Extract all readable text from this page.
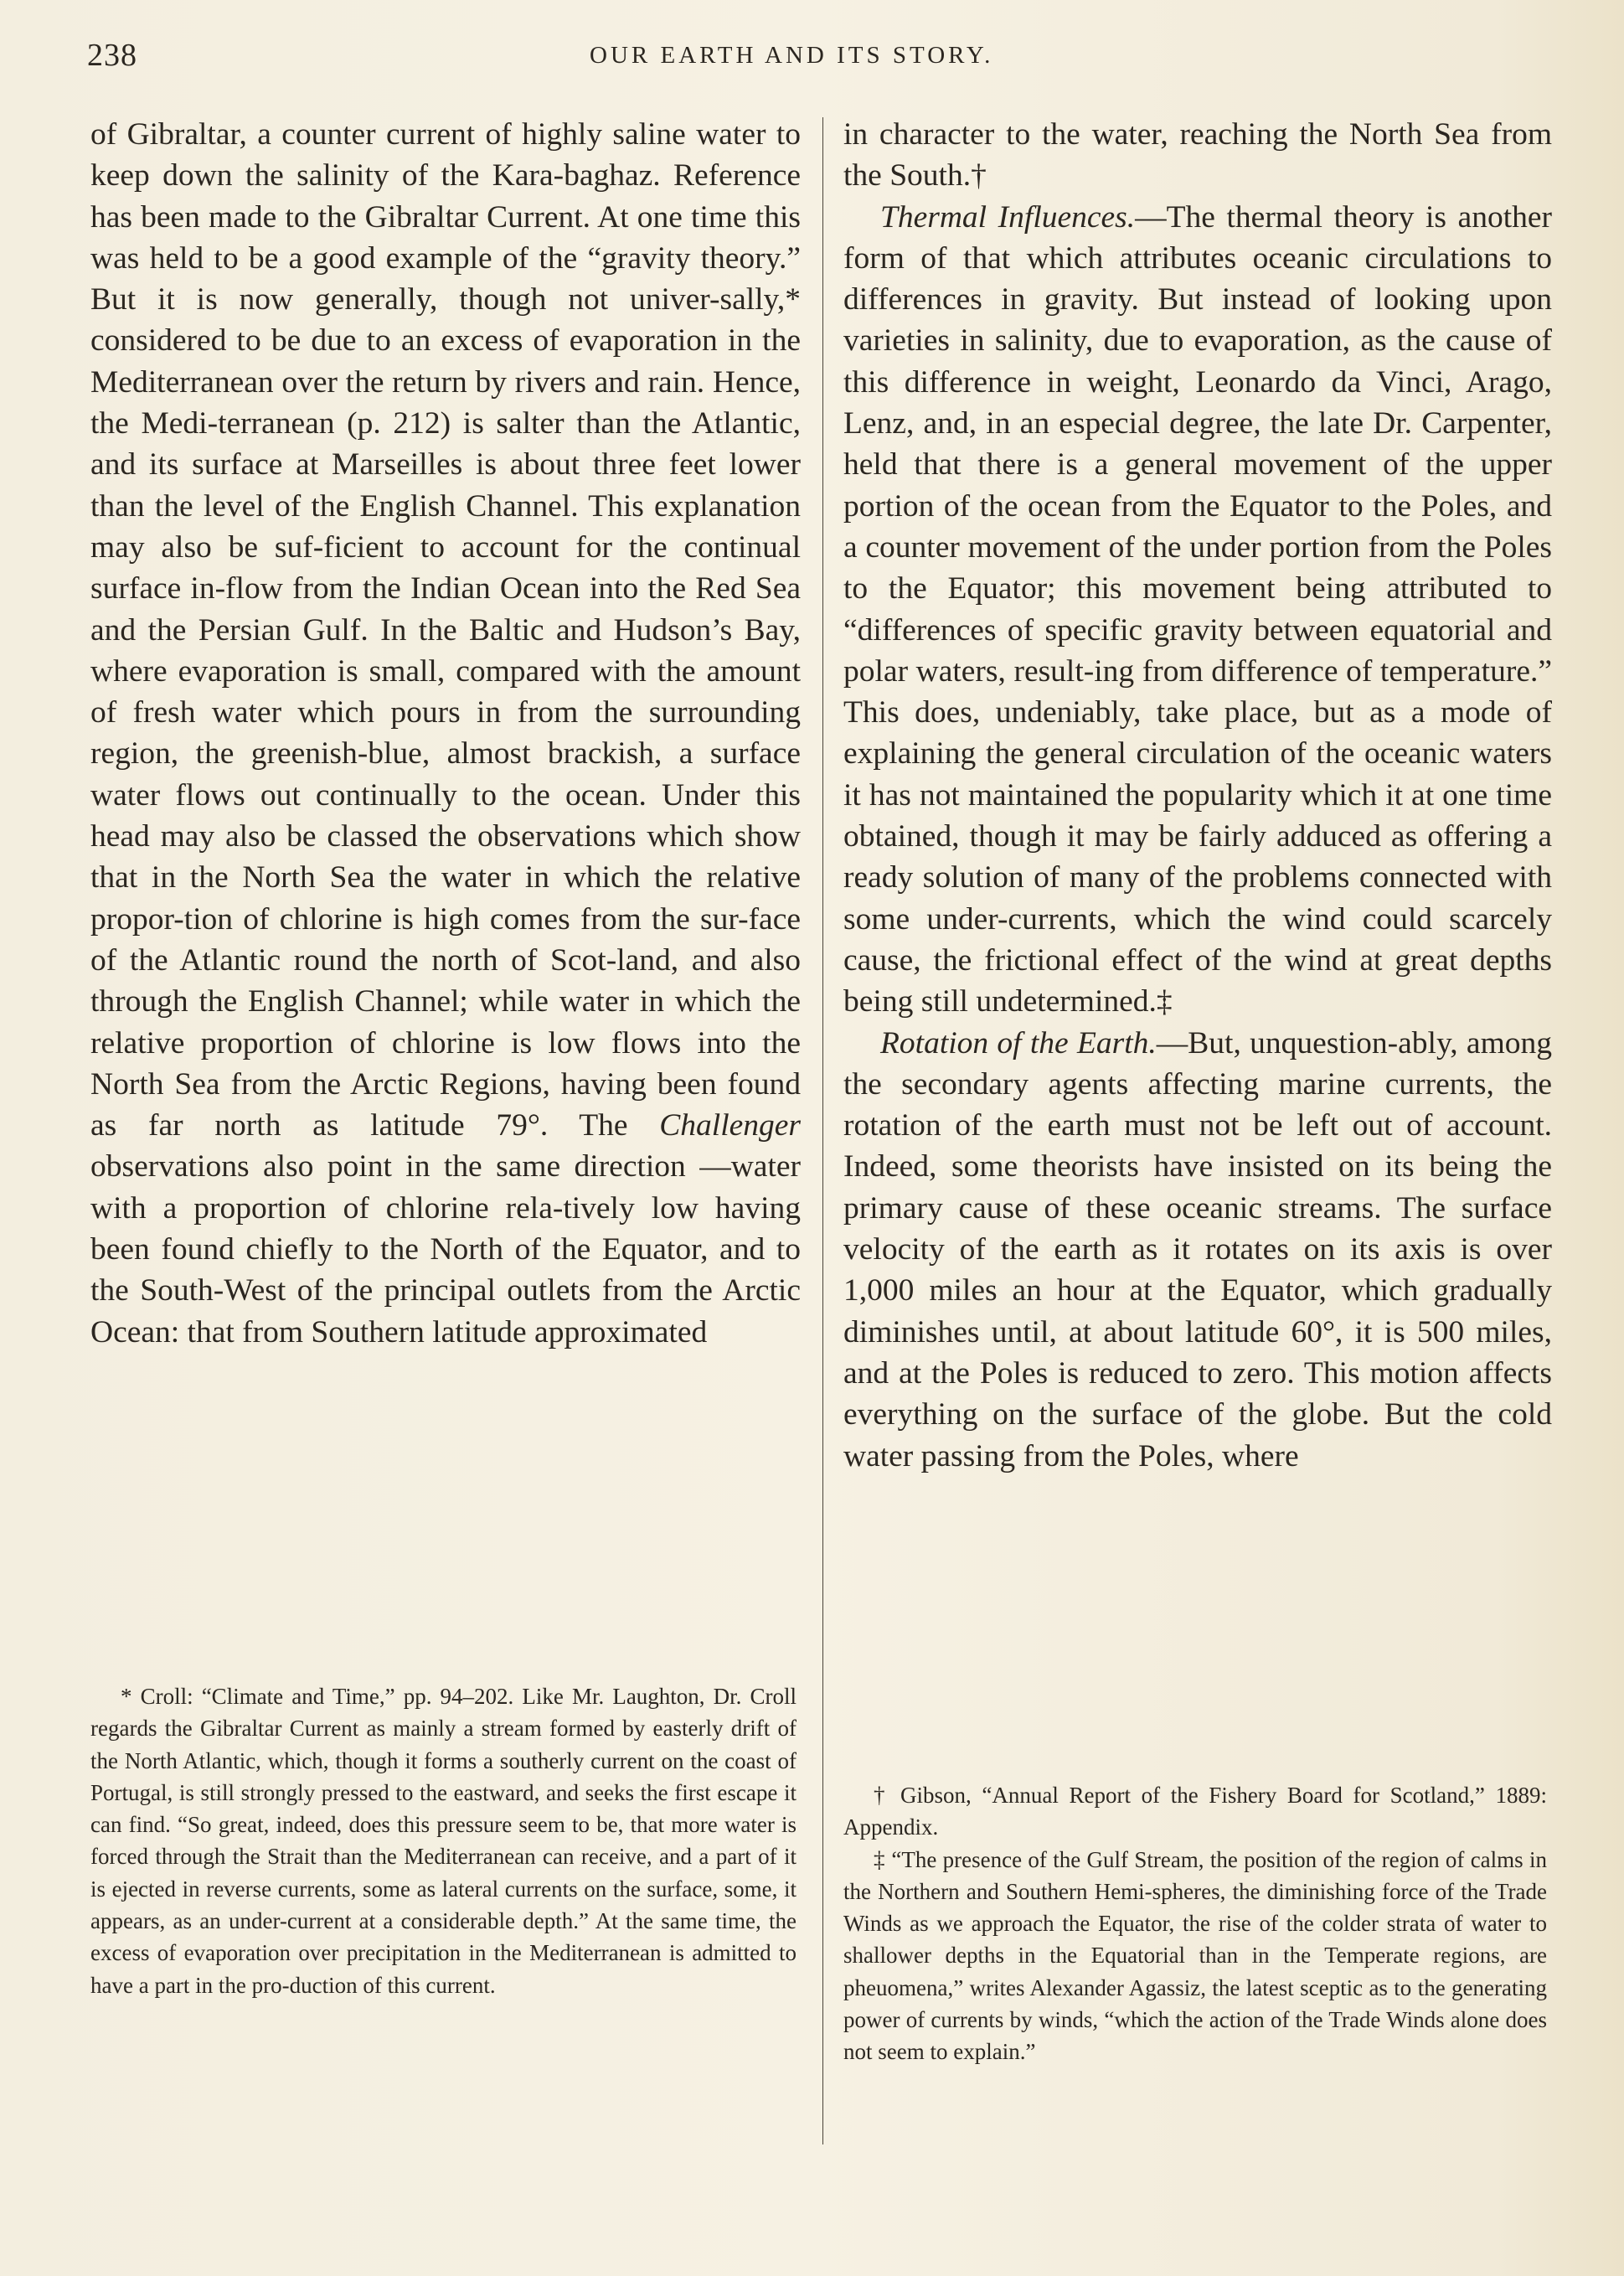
238	OUR EARTH AND ITS STORY.

of Gibraltar, a counter current of highly saline water to keep down the salinity of the Kara-baghaz. Reference has been made to the Gibraltar Current. At one time this was held to be a good example of the “gravity theory.” But it is now generally, though not univer-sally,* considered to be due to an excess of evaporation in the Mediterranean over the return by rivers and rain. Hence, the Medi-terranean (p. 212) is salter than the Atlantic, and its surface at Marseilles is about three feet lower than the level of the English Channel. This explanation may also be suf-ficient to account for the continual surface in-flow from the Indian Ocean into the Red Sea and the Persian Gulf. In the Baltic and Hudson’s Bay, where evaporation is small, compared with the amount of fresh water which pours in from the surrounding region, the greenish-blue, almost brackish, a surface water flows out continually to the ocean. Under this head may also be classed the observations which show that in the North Sea the water in which the relative propor-tion of chlorine is high comes from the sur-face of the Atlantic round the north of Scot-land, and also through the English Channel; while water in which the relative proportion of chlorine is low flows into the North Sea from the Arctic Regions, having been found as far north as latitude 79°. The Challenger observations also point in the same direction —water with a proportion of chlorine rela-tively low having been found chiefly to the North of the Equator, and to the South-West of the principal outlets from the Arctic Ocean: that from Southern latitude approximated

in character to the water, reaching the North Sea from the South.†

Thermal Influences.—The thermal theory is another form of that which attributes oceanic circulations to differences in gravity. But instead of looking upon varieties in salinity, due to evaporation, as the cause of this difference in weight, Leonardo da Vinci, Arago, Lenz, and, in an especial degree, the late Dr. Carpenter, held that there is a general movement of the upper portion of the ocean from the Equator to the Poles, and a counter movement of the under portion from the Poles to the Equator; this movement being attributed to “differences of specific gravity between equatorial and polar waters, result-ing from difference of temperature.” This does, undeniably, take place, but as a mode of explaining the general circulation of the oceanic waters it has not maintained the popularity which it at one time obtained, though it may be fairly adduced as offering a ready solution of many of the problems connected with some under-currents, which the wind could scarcely cause, the frictional effect of the wind at great depths being still undetermined.‡

Rotation of the Earth.—But, unquestion-ably, among the secondary agents affecting marine currents, the rotation of the earth must not be left out of account. Indeed, some theorists have insisted on its being the primary cause of these oceanic streams. The surface velocity of the earth as it rotates on its axis is over 1,000 miles an hour at the Equator, which gradually diminishes until, at about latitude 60°, it is 500 miles, and at the Poles is reduced to zero. This motion affects everything on the surface of the globe. But the cold water passing from the Poles, where

* Croll: “Climate and Time,” pp. 94–202. Like Mr. Laughton, Dr. Croll regards the Gibraltar Current as mainly a stream formed by easterly drift of the North Atlantic, which, though it forms a southerly current on the coast of Portugal, is still strongly pressed to the eastward, and seeks the first escape it can find. “So great, indeed, does this pressure seem to be, that more water is forced through the Strait than the Mediterranean can receive, and a part of it is ejected in reverse currents, some as lateral currents on the surface, some, it appears, as an under-current at a considerable depth.” At the same time, the excess of evaporation over precipitation in the Mediterranean is admitted to have a part in the pro-duction of this current.

† Gibson, “Annual Report of the Fishery Board for Scotland,” 1889: Appendix.

‡ “The presence of the Gulf Stream, the position of the region of calms in the Northern and Southern Hemi-spheres, the diminishing force of the Trade Winds as we approach the Equator, the rise of the colder strata of water to shallower depths in the Equatorial than in the Temperate regions, are pheuomena,” writes Alexander Agassiz, the latest sceptic as to the generating power of currents by winds, “which the action of the Trade Winds alone does not seem to explain.”
